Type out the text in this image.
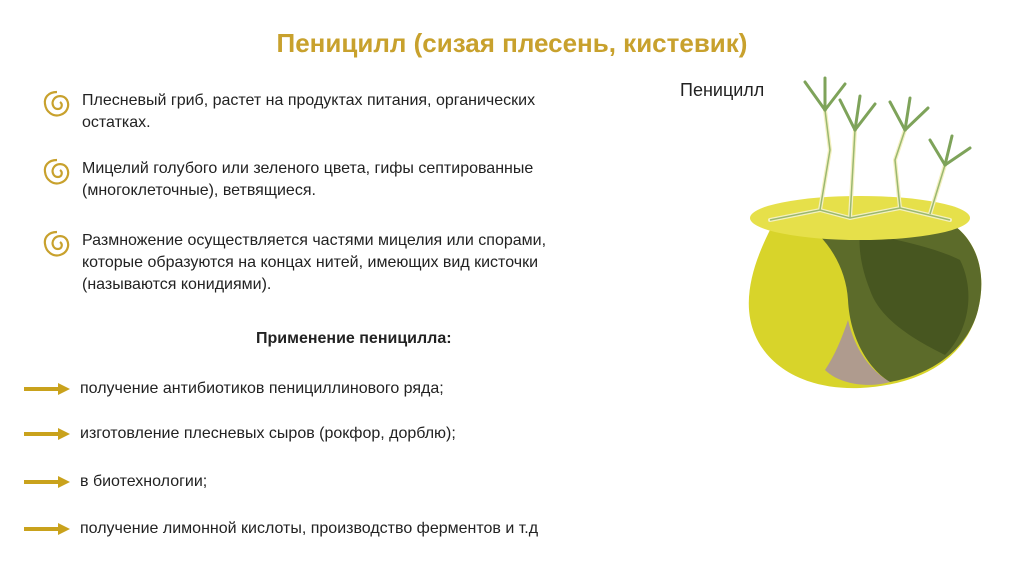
Пеницилл (сизая плесень, кистевик)
Плесневый гриб, растет на продуктах питания, органических остатках.
Мицелий голубого или зеленого цвета, гифы септированные (многоклеточные), ветвящиеся.
Размножение осуществляется частями мицелия или спорами, которые образуются на концах нитей, имеющих вид кисточки (называются конидиями).
Применение пеницилла:
получение антибиотиков пенициллинового ряда;
изготовление плесневых сыров (рокфор, дорблю);
в биотехнологии;
получение лимонной кислоты, производство ферментов и т.д
Пеницилл
